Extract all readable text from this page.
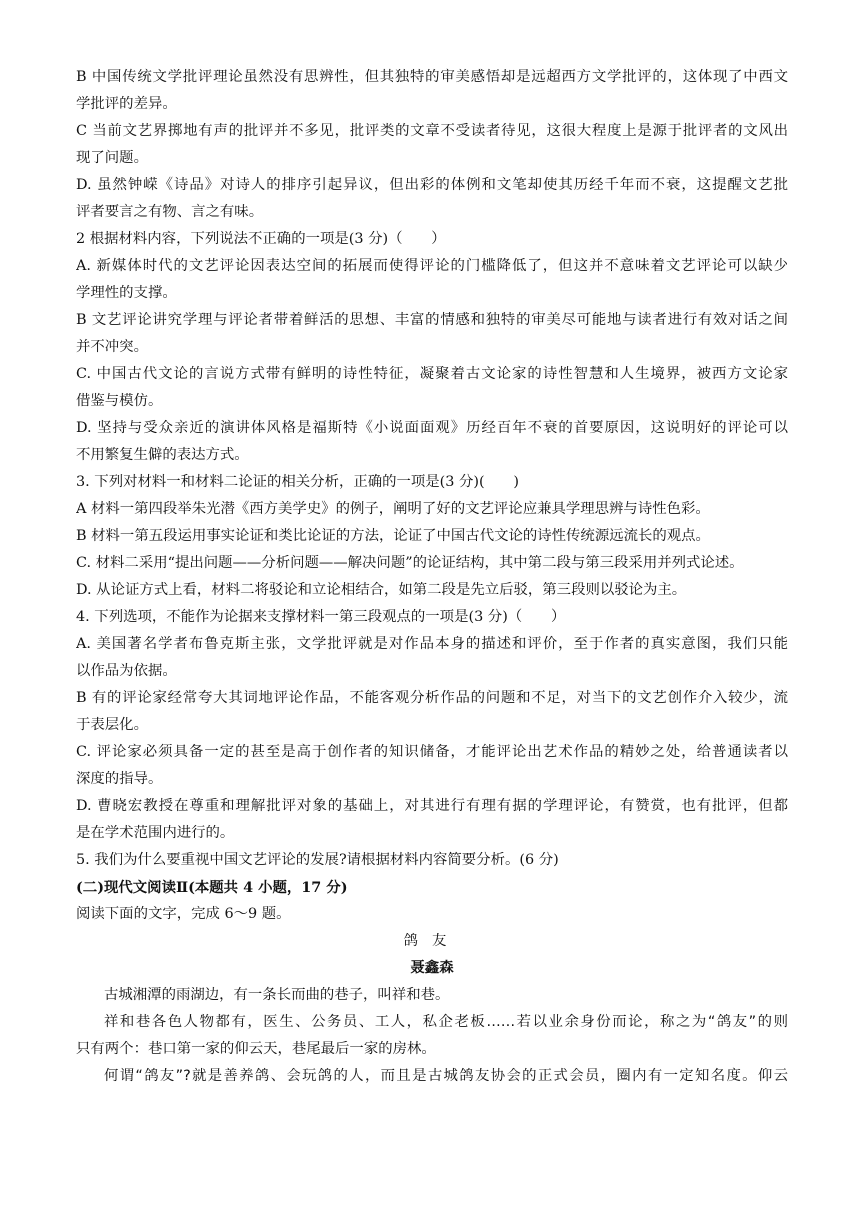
B 中国传统文学批评理论虽然没有思辨性，但其独特的审美感悟却是远超西方文学批评的，这体现了中西文
学批评的差异。
C 当前文艺界掷地有声的批评并不多见，批评类的文章不受读者待见，这很大程度上是源于批评者的文风出
现了问题。
D. 虽然钟嵘《诗品》对诗人的排序引起异议，但出彩的体例和文笔却使其历经千年而不衰，这提醒文艺批
评者要言之有物、言之有味。
2 根据材料内容，下列说法不正确的一项是(3 分)（　　）
A. 新媒体时代的文艺评论因表达空间的拓展而使得评论的门槛降低了，但这并不意味着文艺评论可以缺少
学理性的支撑。
B 文艺评论讲究学理与评论者带着鲜活的思想、丰富的情感和独特的审美尽可能地与读者进行有效对话之间
并不冲突。
C. 中国古代文论的言说方式带有鲜明的诗性特征，凝聚着古文论家的诗性智慧和人生境界，被西方文论家
借鉴与模仿。
D. 坚持与受众亲近的演讲体风格是福斯特《小说面面观》历经百年不衰的首要原因，这说明好的评论可以
不用繁复生僻的表达方式。
3. 下列对材料一和材料二论证的相关分析，正确的一项是(3 分)(　　)
A 材料一第四段举朱光潜《西方美学史》的例子，阐明了好的文艺评论应兼具学理思辨与诗性色彩。
B 材料一第五段运用事实论证和类比论证的方法，论证了中国古代文论的诗性传统源远流长的观点。
C. 材料二采用“提出问题——分析问题——解决问题”的论证结构，其中第二段与第三段采用并列式论述。
D. 从论证方式上看，材料二将驳论和立论相结合，如第二段是先立后驳，第三段则以驳论为主。
4. 下列选项，不能作为论据来支撑材料一第三段观点的一项是(3 分)（　　）
A. 美国著名学者布鲁克斯主张，文学批评就是对作品本身的描述和评价，至于作者的真实意图，我们只能
以作品为依据。
B 有的评论家经常夸大其词地评论作品，不能客观分析作品的问题和不足，对当下的文艺创作介入较少，流
于表层化。
C. 评论家必须具备一定的甚至是高于创作者的知识储备，才能评论出艺术作品的精妙之处，给普通读者以
深度的指导。
D. 曹晓宏教授在尊重和理解批评对象的基础上，对其进行有理有据的学理评论，有赞赏，也有批评，但都
是在学术范围内进行的。
5. 我们为什么要重视中国文艺评论的发展?请根据材料内容简要分析。(6 分)
(二)现代文阅读Ⅱ(本题共 4 小题，17 分)
阅读下面的文字，完成 6～9 题。
鸽友
聂鑫森
古城湘潭的雨湖边，有一条长而曲的巷子，叫祥和巷。
祥和巷各色人物都有，医生、公务员、工人，私企老板……若以业余身份而论，称之为“鸽友”的则
只有两个：巷口第一家的仰云天，巷尾最后一家的房林。
何谓“鸽友”?就是善养鸽、会玩鸽的人，而且是古城鸽友协会的正式会员，圈内有一定知名度。仰云
